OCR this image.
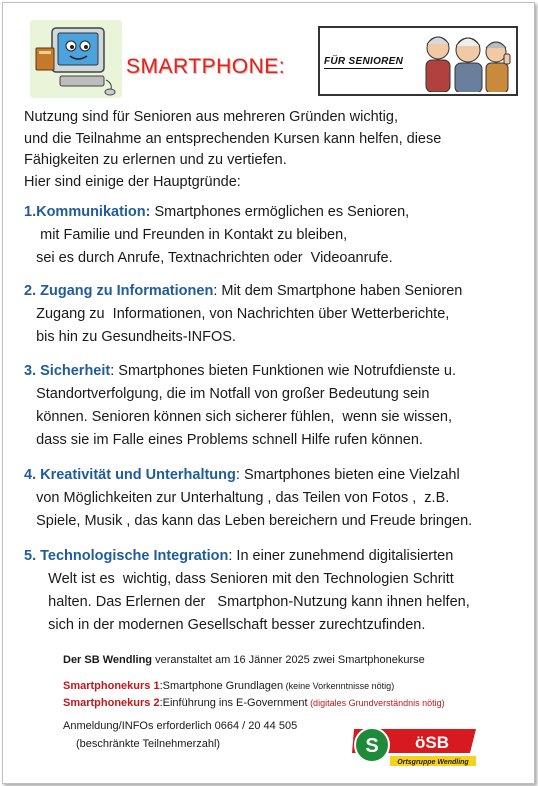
SMARTPHONE:	FÜR SENIOREN
Nutzung sind für Senioren aus mehreren Gründen wichtig,
und die Teilnahme an entsprechenden Kursen kann helfen, diese
Fähigkeiten zu erlernen und zu vertiefen.
Hier sind einige der Hauptgründe:
1.Kommunikation: Smartphones ermöglichen es Senioren,
mit Familie und Freunden in Kontakt zu bleiben,
sei es durch Anrufe, Textnachrichten oder  Videoanrufe.
2. Zugang zu Informationen: Mit dem Smartphone haben Senioren
Zugang zu  Informationen, von Nachrichten über Wetterberichte,
bis hin zu Gesundheits-INFOS.
3. Sicherheit: Smartphones bieten Funktionen wie Notrufdienste u.
Standortverfolgung, die im Notfall von großer Bedeutung sein
können. Senioren können sich sicherer fühlen,  wenn sie wissen,
dass sie im Falle eines Problems schnell Hilfe rufen können.
4. Kreativität und Unterhaltung: Smartphones bieten eine Vielzahl
von Möglichkeiten zur Unterhaltung , das Teilen von Fotos ,  z.B.
Spiele, Musik , das kann das Leben bereichern und Freude bringen.
5. Technologische Integration: In einer zunehmend digitalisierten
Welt ist es  wichtig, dass Senioren mit den Technologien Schritt
halten. Das Erlernen der   Smartphon-Nutzung kann ihnen helfen,
sich in der modernen Gesellschaft besser zurechtzufinden.
Der SB Wendling veranstaltet am 16 Jänner 2025 zwei Smartphonekurse
Smartphonekurs 1:Smartphone Grundlagen (keine Vorkenntnisse nötig)
Smartphonekurs 2:Einführung ins E-Government (digitales Grundverständnis nötig)
Anmeldung/INFOs erforderlich 0664 / 20 44 505
(beschränkte Teilnehmerzahl)	S öSB
Ortsgruppe Wendling
